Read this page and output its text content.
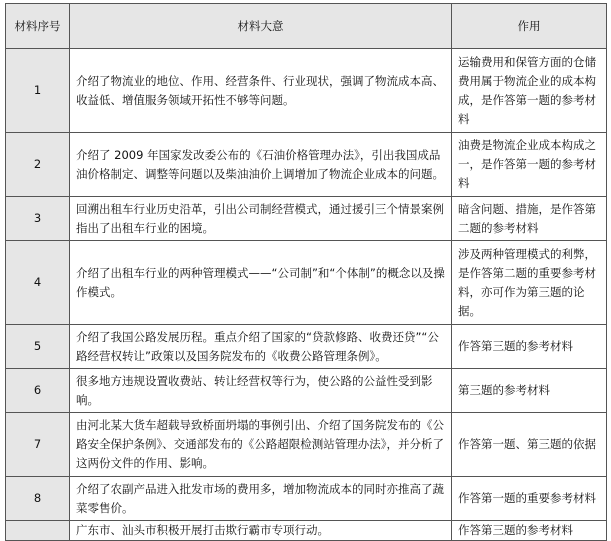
材料序号	材料大意	作用
1	介绍了物流业的地位、作用、经营条件、行业现状，强调了物流成本高、收益低、增值服务领域开拓性不够等问题。	运输费用和保管方面的仓储费用属于物流企业的成本构成，是作答第一题的参考材料
2	介绍了 2009 年国家发改委公布的《石油价格管理办法》，引出我国成品油价格制定、调整等问题以及柴油油价上调增加了物流企业成本的问题。	油费是物流企业成本构成之一，是作答第一题的参考材料
3	回溯出租车行业历史沿革，引出公司制经营模式，通过援引三个情景案例指出了出租车行业的困境。	暗含问题、措施，是作答第二题的参考材料
4	介绍了出租车行业的两种管理模式——“公司制”和“个体制”的概念以及操作模式。	涉及两种管理模式的利弊，是作答第二题的重要参考材料，亦可作为第三题的论据。
5	介绍了我国公路发展历程。重点介绍了国家的“贷款修路、收费还贷”“公路经营权转让”政策以及国务院发布的《收费公路管理条例》。	作答第三题的参考材料
6	很多地方违规设置收费站、转让经营权等行为，使公路的公益性受到影响。	第三题的参考材料
7	由河北某大货车超载导致桥面坍塌的事例引出、介绍了国务院发布的《公路安全保护条例》、交通部发布的《公路超限检测站管理办法》，并分析了这两份文件的作用、影响。	作答第一题、第三题的依据
8	介绍了农副产品进入批发市场的费用多，增加物流成本的同时亦推高了蔬菜零售价。	作答第一题的重要参考材料
	广东市、汕头市积极开展打击欺行霸市专项行动。	作答第三题的参考材料
